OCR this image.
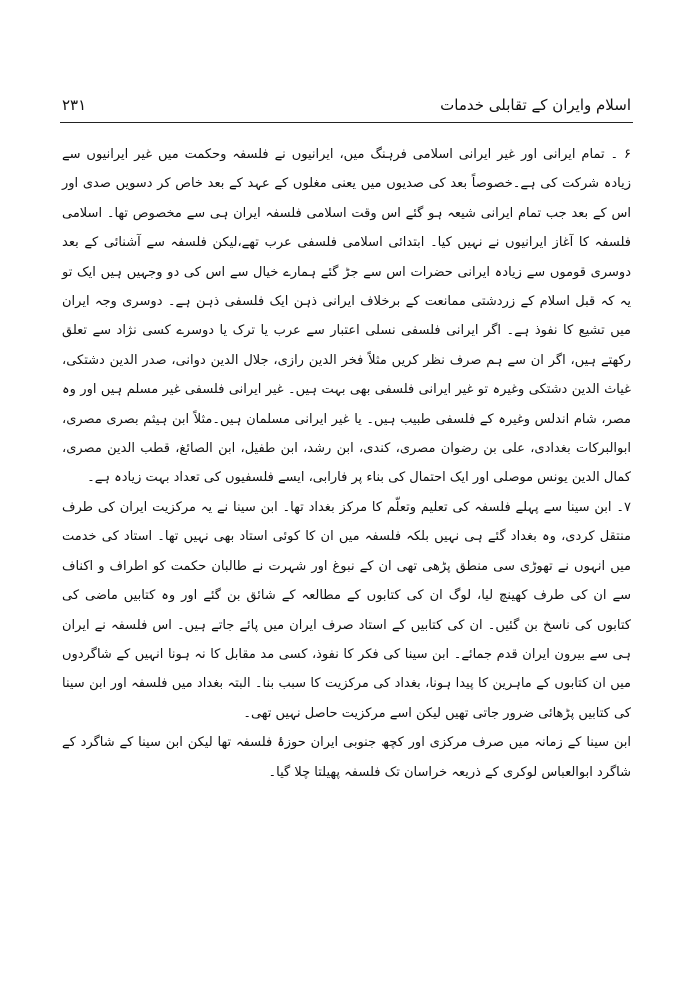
اسلام وایران کے تقابلی خدمات
۲۳۱

۶ ۔ تمام ایرانی اور غیر ایرانی اسلامی فرہنگ میں، ایرانیوں نے فلسفہ وحکمت میں غیر ایرانیوں سے زیادہ شرکت کی ہے۔خصوصاً بعد کی صدیوں میں یعنی مغلوں کے عہد کے بعد خاص کر دسویں صدی اور اس کے بعد جب تمام ایرانی شیعہ ہو گئے اس وقت اسلامی فلسفہ ایران ہی سے مخصوص تھا۔ اسلامی فلسفہ کا آغاز ایرانیوں نے نہیں کیا۔ ابتدائی اسلامی فلسفی عرب تھے،لیکن فلسفہ سے آشنائی کے بعد دوسری قوموں سے زیادہ ایرانی حضرات اس سے جڑ گئے ہمارے خیال سے اس کی دو وجہیں ہیں ایک تو یہ کہ قبل اسلام کے زردشتی ممانعت کے برخلاف ایرانی ذہن ایک فلسفی ذہن ہے۔ دوسری وجہ ایران میں تشیع کا نفوذ ہے۔ اگر ایرانی فلسفی نسلی اعتبار سے عرب یا ترک یا دوسرے کسی نژاد سے تعلق رکھتے ہیں، اگر ان سے ہم صرف نظر کریں مثلاً فخر الدین رازی، جلال الدین دوانی، صدر الدین دشتکی، غیاث الدین دشتکی وغیرہ تو غیر ایرانی فلسفی بھی بہت ہیں۔ غیر ایرانی فلسفی غیر مسلم ہیں اور وہ مصر، شام اندلس وغیرہ کے فلسفی طبیب ہیں۔ یا غیر ایرانی مسلمان ہیں۔مثلاً ابن ہیثم بصری مصری، ابوالبرکات بغدادی، علی بن رضوان مصری، کندی، ابن رشد، ابن طفیل، ابن الصائغ، قطب الدین مصری، کمال الدین یونس موصلی اور ایک احتمال کی بناء پر فارابی، ایسے فلسفیوں کی تعداد بہت زیادہ ہے۔

۷۔ ابن سینا سے پہلے فلسفہ کی تعلیم وتعلّم کا مرکز بغداد تھا۔ ابن سینا نے یہ مرکزیت ایران کی طرف منتقل کردی، وہ بغداد گئے ہی نہیں بلکہ فلسفہ میں ان کا کوئی استاد بھی نہیں تھا۔ استاد کی خدمت میں انہوں نے تھوڑی سی منطق پڑھی تھی ان کے نبوغ اور شہرت نے طالبان حکمت کو اطراف و اکناف سے ان کی طرف کھینچ لیا، لوگ ان کی کتابوں کے مطالعہ کے شائق بن گئے اور وہ کتابیں ماضی کی کتابوں کی ناسخ بن گئیں۔ ان کی کتابیں کے استاد صرف ایران میں پائے جاتے ہیں۔ اس فلسفہ نے ایران ہی سے بیرون ایران قدم جمائے۔ ابن سینا کی فکر کا نفوذ، کسی مد مقابل کا نہ ہونا انہیں کے شاگردوں میں ان کتابوں کے ماہرین کا پیدا ہونا، بغداد کی مرکزیت کا سبب بنا۔ البتہ بغداد میں فلسفہ اور ابن سینا کی کتابیں پڑھائی ضرور جاتی تھیں لیکن اسے مرکزیت حاصل نہیں تھی۔

ابن سینا کے زمانہ میں صرف مرکزی اور کچھ جنوبی ایران حوزۂ فلسفہ تھا لیکن ابن سینا کے شاگرد کے شاگرد ابوالعباس لوکری کے ذریعہ خراسان تک فلسفہ پھیلتا چلا گیا۔
